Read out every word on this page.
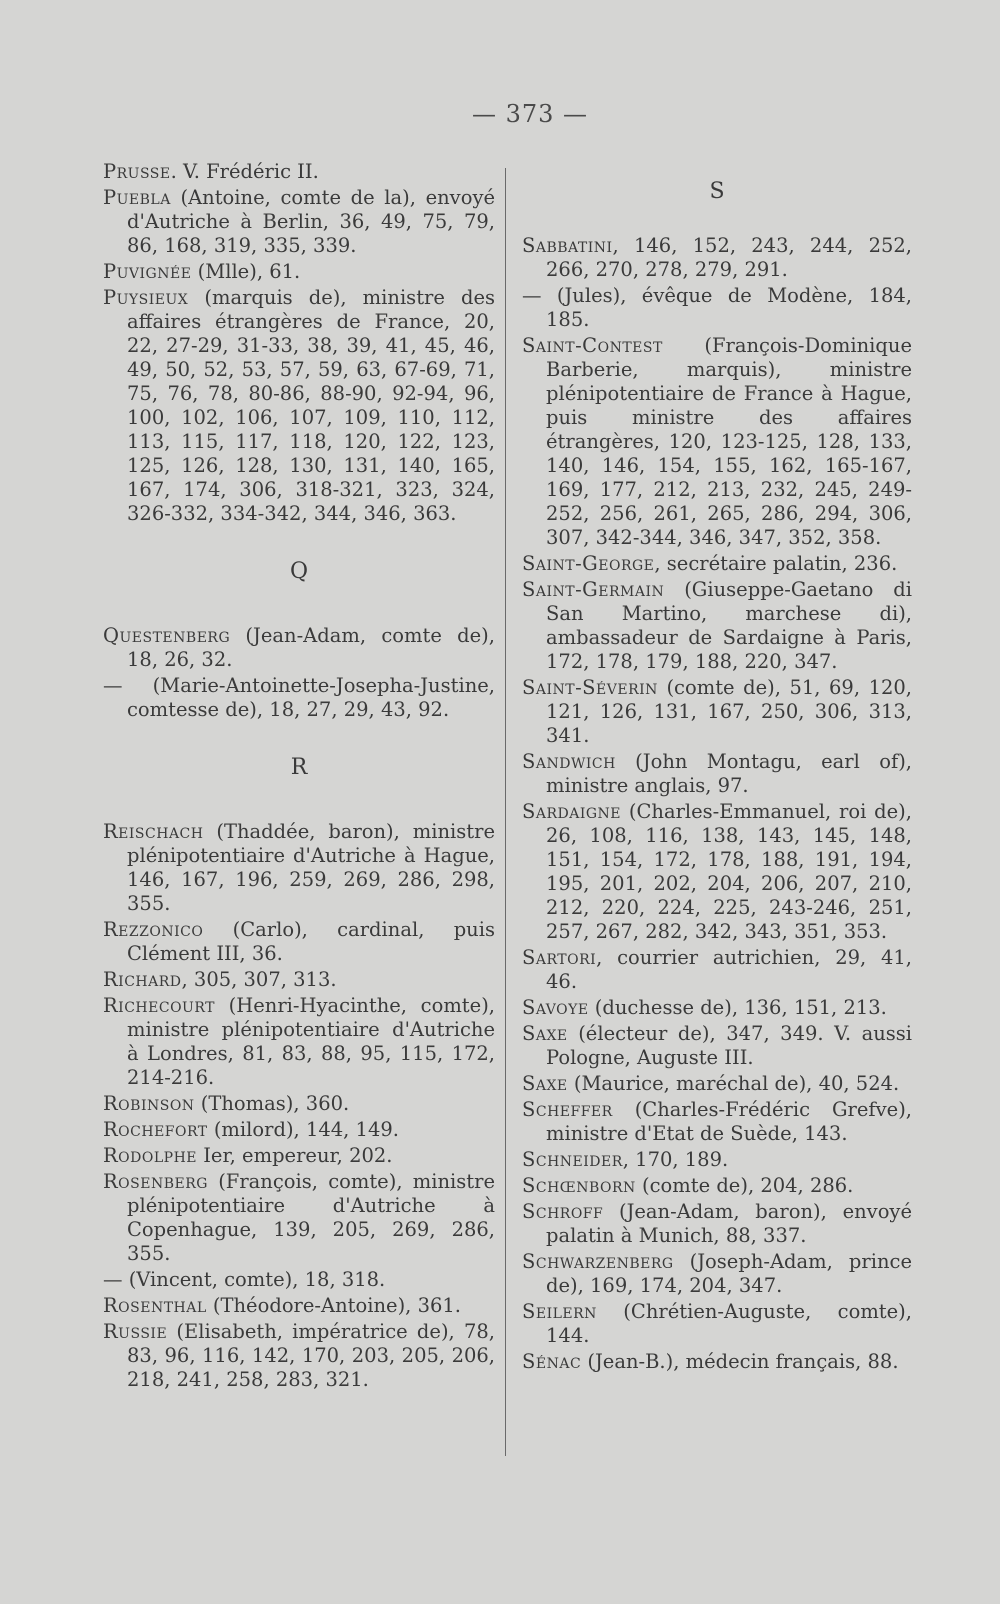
— 373 —

Prusse. V. Frédéric II.

Puebla (Antoine, comte de la), envoyé d'Autriche à Berlin, 36, 49, 75, 79, 86, 168, 319, 335, 339.

Puvignée (Mlle), 61.

Puysieux (marquis de), ministre des affaires étrangères de France, 20, 22, 27-29, 31-33, 38, 39, 41, 45, 46, 49, 50, 52, 53, 57, 59, 63, 67-69, 71, 75, 76, 78, 80-86, 88-90, 92-94, 96, 100, 102, 106, 107, 109, 110, 112, 113, 115, 117, 118, 120, 122, 123, 125, 126, 128, 130, 131, 140, 165, 167, 174, 306, 318-321, 323, 324, 326-332, 334-342, 344, 346, 363.

Q

Questenberg (Jean-Adam, comte de), 18, 26, 32.

— (Marie-Antoinette-Josepha-Justine, comtesse de), 18, 27, 29, 43, 92.

R

Reischach (Thaddée, baron), ministre plénipotentiaire d'Autriche à Hague, 146, 167, 196, 259, 269, 286, 298, 355.

Rezzonico (Carlo), cardinal, puis Clément III, 36.

Richard, 305, 307, 313.

Richecourt (Henri-Hyacinthe, comte), ministre plénipotentiaire d'Autriche à Londres, 81, 83, 88, 95, 115, 172, 214-216.

Robinson (Thomas), 360.

Rochefort (milord), 144, 149.

Rodolphe Ier, empereur, 202.

Rosenberg (François, comte), ministre plénipotentiaire d'Autriche à Copenhague, 139, 205, 269, 286, 355.

— (Vincent, comte), 18, 318.

Rosenthal (Théodore-Antoine), 361.

Russie (Elisabeth, impératrice de), 78, 83, 96, 116, 142, 170, 203, 205, 206, 218, 241, 258, 283, 321.

S

Sabbatini, 146, 152, 243, 244, 252, 266, 270, 278, 279, 291.

— (Jules), évêque de Modène, 184, 185.

Saint-Contest (François-Dominique Barberie, marquis), ministre plénipotentiaire de France à Hague, puis ministre des affaires étrangères, 120, 123-125, 128, 133, 140, 146, 154, 155, 162, 165-167, 169, 177, 212, 213, 232, 245, 249-252, 256, 261, 265, 286, 294, 306, 307, 342-344, 346, 347, 352, 358.

Saint-George, secrétaire palatin, 236.

Saint-Germain (Giuseppe-Gaetano di San Martino, marchese di), ambassadeur de Sardaigne à Paris, 172, 178, 179, 188, 220, 347.

Saint-Séverin (comte de), 51, 69, 120, 121, 126, 131, 167, 250, 306, 313, 341.

Sandwich (John Montagu, earl of), ministre anglais, 97.

Sardaigne (Charles-Emmanuel, roi de), 26, 108, 116, 138, 143, 145, 148, 151, 154, 172, 178, 188, 191, 194, 195, 201, 202, 204, 206, 207, 210, 212, 220, 224, 225, 243-246, 251, 257, 267, 282, 342, 343, 351, 353.

Sartori, courrier autrichien, 29, 41, 46.

Savoye (duchesse de), 136, 151, 213.

Saxe (électeur de), 347, 349. V. aussi Pologne, Auguste III.

Saxe (Maurice, maréchal de), 40, 524.

Scheffer (Charles-Frédéric Grefve), ministre d'Etat de Suède, 143.

Schneider, 170, 189.

Schœnborn (comte de), 204, 286.

Schroff (Jean-Adam, baron), envoyé palatin à Munich, 88, 337.

Schwarzenberg (Joseph-Adam, prince de), 169, 174, 204, 347.

Seilern (Chrétien-Auguste, comte), 144.

Sénac (Jean-B.), médecin français, 88.
